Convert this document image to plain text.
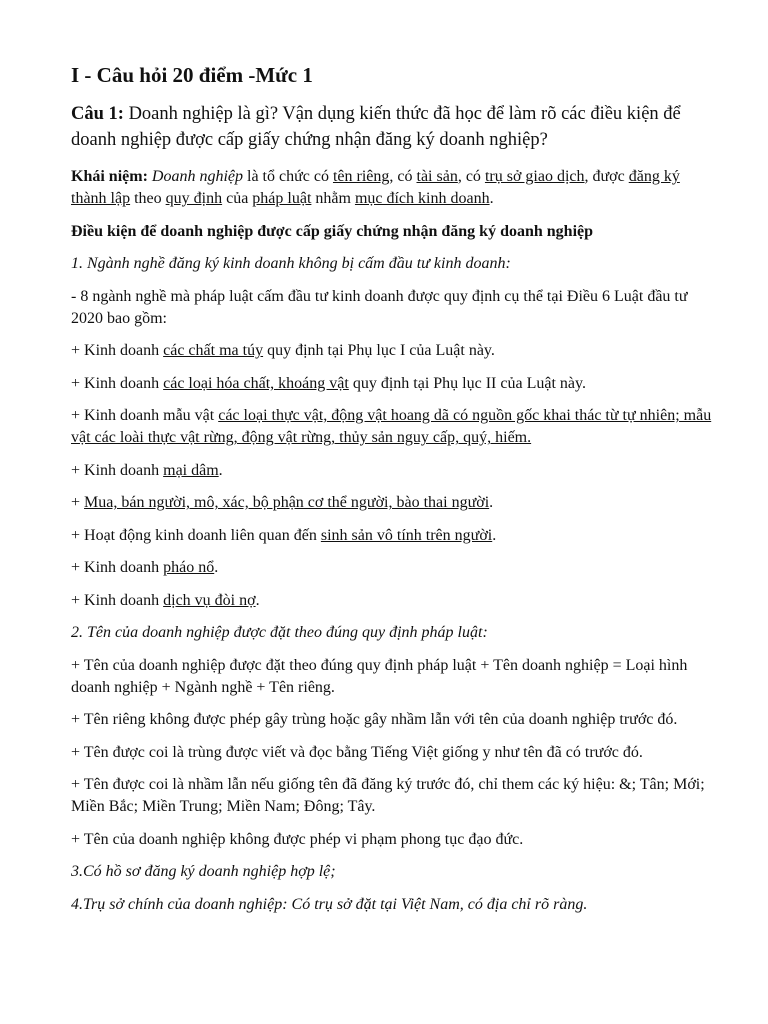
I - Câu hỏi 20 điểm -Mức 1
Câu 1: Doanh nghiệp là gì? Vận dụng kiến thức đã học để làm rõ các điều kiện để doanh nghiệp được cấp giấy chứng nhận đăng ký doanh nghiệp?

Khái niệm: Doanh nghiệp là tổ chức có tên riêng, có tài sản, có trụ sở giao dịch, được đăng ký thành lập theo quy định của pháp luật nhằm mục đích kinh doanh.

Điều kiện để doanh nghiệp được cấp giấy chứng nhận đăng ký doanh nghiệp

1. Ngành nghề đăng ký kinh doanh không bị cấm đầu tư kinh doanh:

- 8 ngành nghề mà pháp luật cấm đầu tư kinh doanh được quy định cụ thể tại Điều 6 Luật đầu tư 2020 bao gồm:

+ Kinh doanh các chất ma túy quy định tại Phụ lục I của Luật này.

+ Kinh doanh các loại hóa chất, khoáng vật quy định tại Phụ lục II của Luật này.

+ Kinh doanh mẫu vật các loại thực vật, động vật hoang dã có nguồn gốc khai thác từ tự nhiên; mẫu vật các loài thực vật rừng, động vật rừng, thủy sản nguy cấp, quý, hiếm.

+ Kinh doanh mại dâm.

+ Mua, bán người, mô, xác, bộ phận cơ thể người, bào thai người.

+ Hoạt động kinh doanh liên quan đến sinh sản vô tính trên người.

+ Kinh doanh pháo nổ.

+ Kinh doanh dịch vụ đòi nợ.

2. Tên của doanh nghiệp được đặt theo đúng quy định pháp luật:

+ Tên của doanh nghiệp được đặt theo đúng quy định pháp luật + Tên doanh nghiệp = Loại hình doanh nghiệp + Ngành nghề + Tên riêng.

+ Tên riêng không được phép gây trùng hoặc gây nhầm lẫn với tên của doanh nghiệp trước đó.

+ Tên được coi là trùng được viết và đọc bằng Tiếng Việt giống y như tên đã có trước đó.

+ Tên được coi là nhầm lẫn nếu giống tên đã đăng ký trước đó, chỉ them các ký hiệu: &; Tân; Mới; Miền Bắc; Miền Trung; Miền Nam; Đông; Tây.

+ Tên của doanh nghiệp không được phép vi phạm phong tục đạo đức.

3.Có hồ sơ đăng ký doanh nghiệp hợp lệ;

4.Trụ sở chính của doanh nghiệp: Có trụ sở đặt tại Việt Nam, có địa chỉ rõ ràng.
